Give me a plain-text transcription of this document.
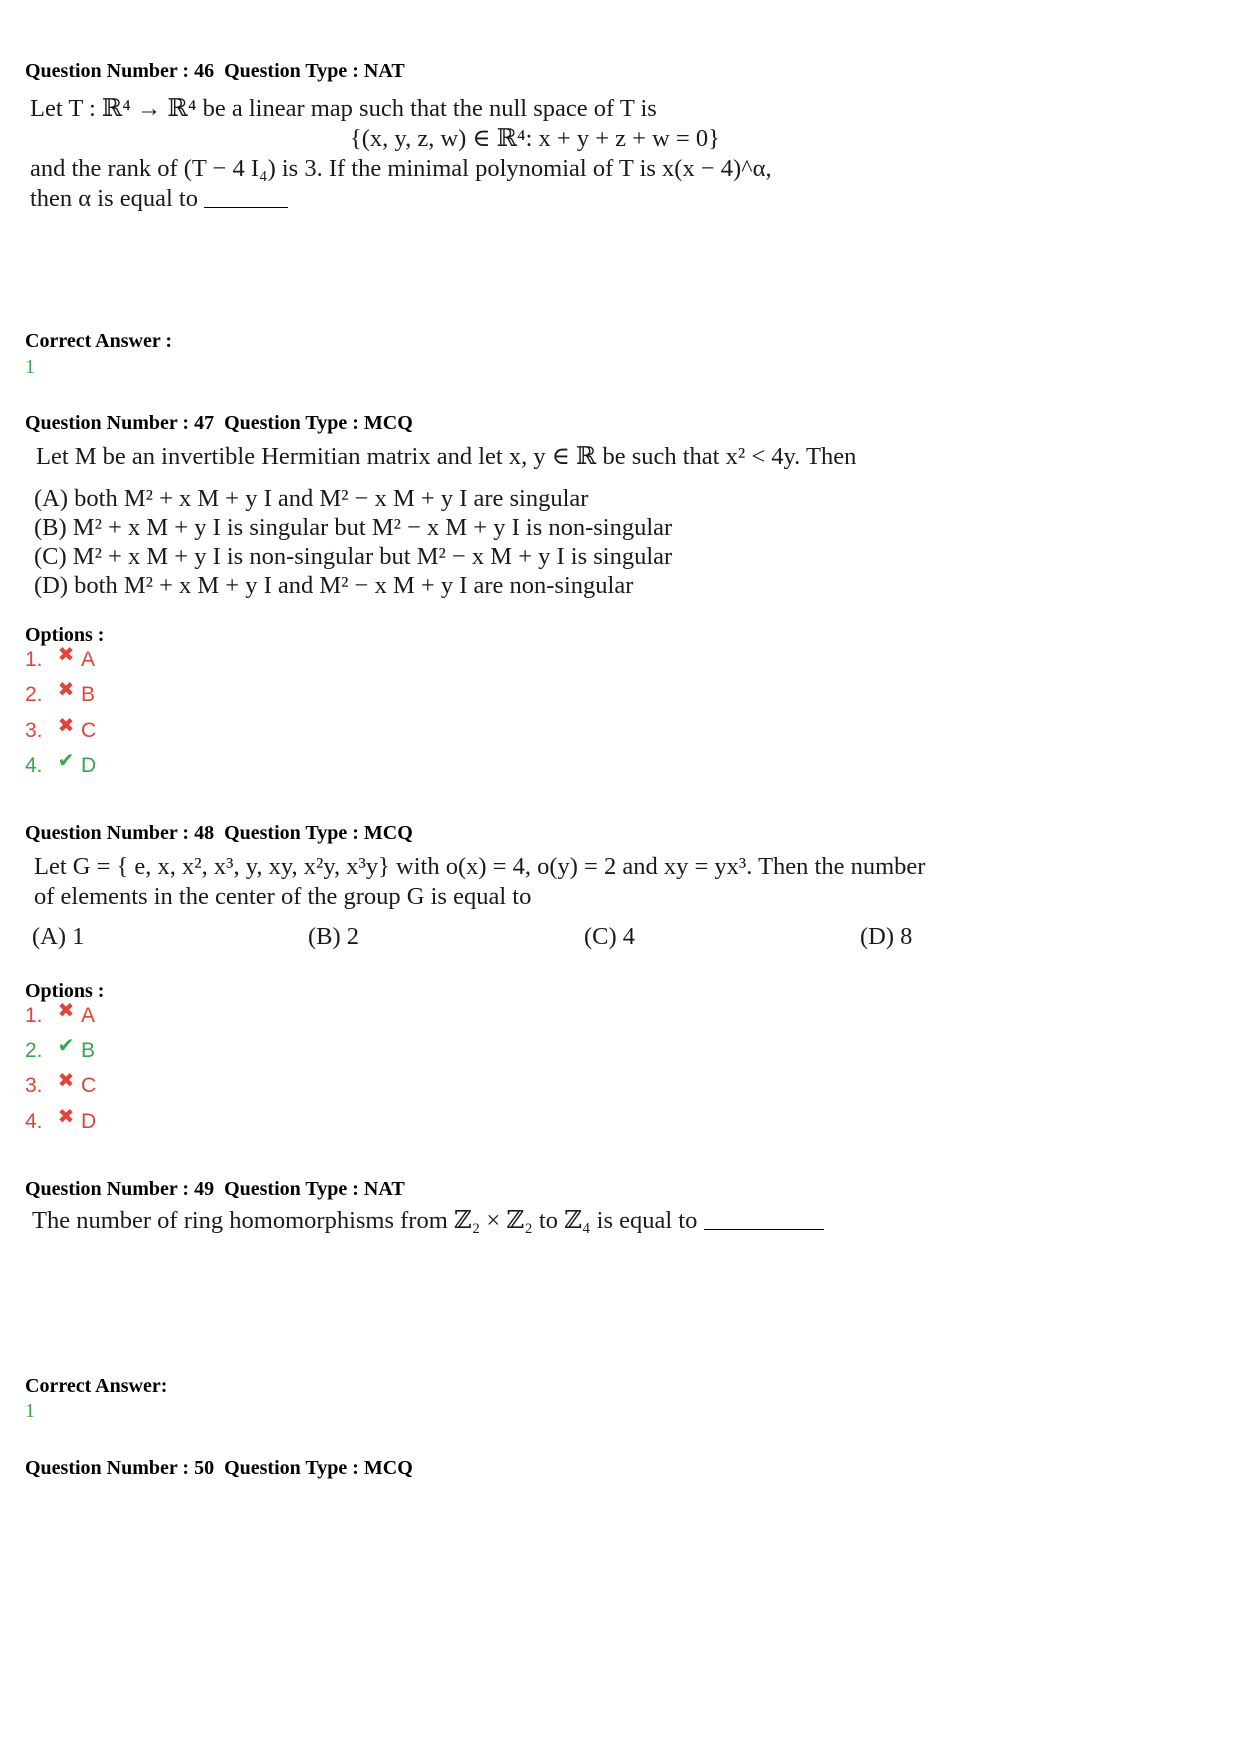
Question Number : 46  Question Type : NAT
Let T : ℝ⁴ → ℝ⁴ be a linear map such that the null space of T is
{(x, y, z, w) ∈ ℝ⁴: x + y + z + w = 0}
and the rank of (T − 4 I₄) is 3. If the minimal polynomial of T is x(x − 4)^α,
then α is equal to
Correct Answer :
1
Question Number : 47  Question Type : MCQ
Let M be an invertible Hermitian matrix and let x, y ∈ ℝ be such that x² < 4y. Then
(A) both M² + x M + y I and M² − x M + y I are singular
(B) M² + x M + y I is singular but M² − x M + y I is non-singular
(C) M² + x M + y I is non-singular but M² − x M + y I is singular
(D) both M² + x M + y I and M² − x M + y I are non-singular
Options :
1. ✖ A
2. ✖ B
3. ✖ C
4. ✔ D
Question Number : 48  Question Type : MCQ
Let G = { e, x, x², x³, y, xy, x²y, x³y} with o(x) = 4, o(y) = 2 and xy = yx³. Then the number
of elements in the center of the group G is equal to
(A) 1	(B) 2	(C) 4	(D) 8
Options :
1. ✖ A
2. ✔ B
3. ✖ C
4. ✖ D
Question Number : 49  Question Type : NAT
The number of ring homomorphisms from ℤ₂ × ℤ₂ to ℤ₄ is equal to
Correct Answer:
1
Question Number : 50  Question Type : MCQ
